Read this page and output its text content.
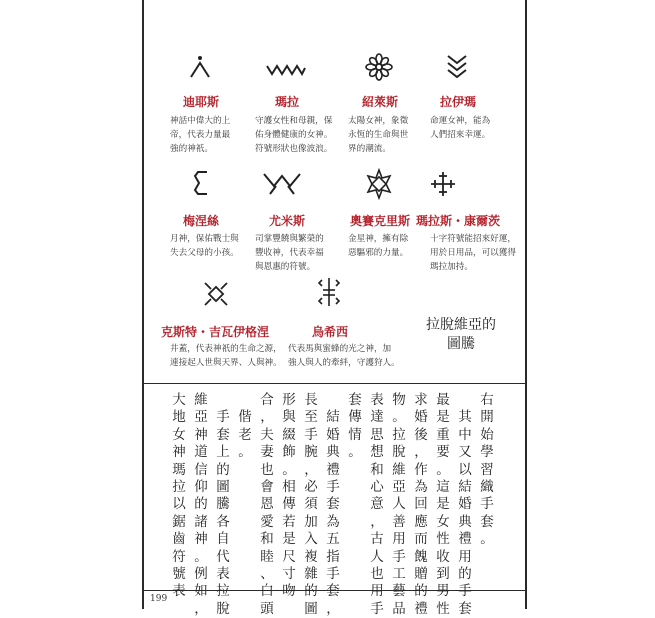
迪耶斯
神話中偉大的上
帝，代表力量最
強的神祇。
瑪拉
守護女性和母親，保
佑身體健康的女神。
符號形狀也像波浪。
紹萊斯
太陽女神，象徵
永恆的生命與世
界的潮流。
拉伊瑪
命運女神，能為
人們招來幸運。
梅涅絲
月神，保佑戰士與
失去父母的小孩。
尤米斯
司掌豐饒與繁榮的
豐收神，代表幸福
與恩惠的符號。
奧賽克里斯
金星神，擁有除
惡驅邪的力量。
瑪拉斯・康爾茨
十字符號能招來好運，
用於日用品，可以獲得
瑪拉加持。
克斯特・吉瓦伊格涅
井蓋，代表神祇的生命之源，
連接起人世與天界、人與神。
烏希西
代表馬與蜜蜂的光之神，加
強人與人的牽絆，守護狩人。
拉脫維亞的
圖騰
右
開
始
學
習
織
手
套
。
其
中
又
以
結
婚
典
禮
用
的
手
套
最
是
重
要
。
這
是
女
性
收
到
男
性
求
婚
後
，
作
為
回
應
而
餽
贈
的
禮
物
。
拉
脫
維
亞
人
善
用
手
工
藝
品
表
達
思
想
和
心
意
，
古
人
也
用
手
套
傳
情
。
結
婚
典
禮
手
套
為
五
指
手
套
，
長
至
手
腕
，
必
須
加
入
複
雜
的
圖
形
與
綴
飾
。
相
傳
若
是
尺
寸
吻
合
，
夫
妻
也
會
恩
愛
和
睦
、
白
頭
偕
老
。
手
套
上
的
圖
騰
各
自
代
表
拉
脫
維
亞
神
道
信
仰
的
諸
神
。
例
如
，
大
地
女
神
瑪
拉
以
鋸
齒
符
號
表
199
